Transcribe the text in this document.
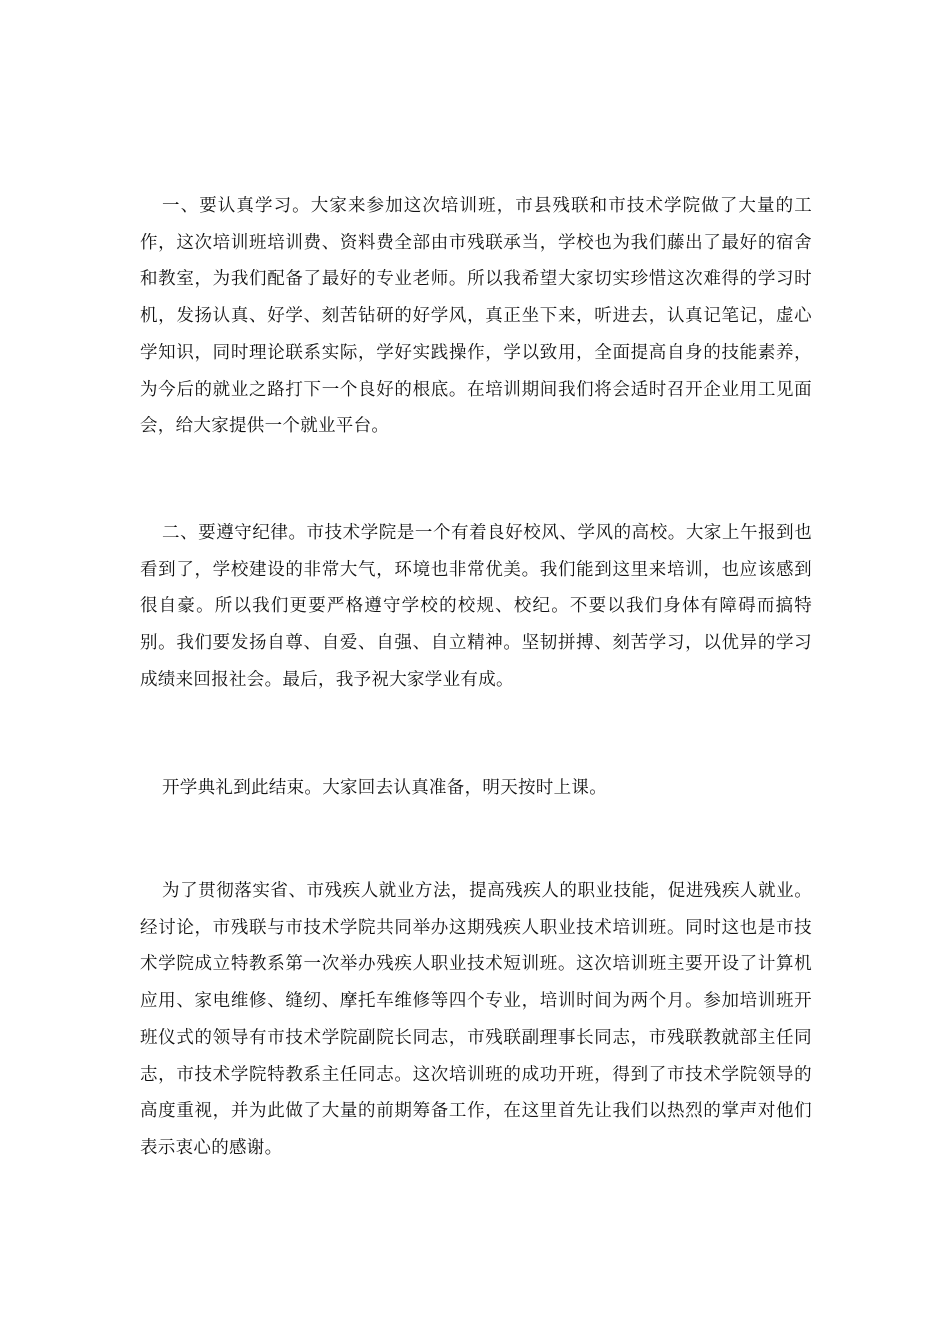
一、要认真学习。大家来参加这次培训班，市县残联和市技术学院做了大量的工作，这次培训班培训费、资料费全部由市残联承当，学校也为我们藤出了最好的宿舍和教室，为我们配备了最好的专业老师。所以我希望大家切实珍惜这次难得的学习时机，发扬认真、好学、刻苦钻研的好学风，真正坐下来，听进去，认真记笔记，虚心学知识，同时理论联系实际，学好实践操作，学以致用，全面提高自身的技能素养，为今后的就业之路打下一个良好的根底。在培训期间我们将会适时召开企业用工见面会，给大家提供一个就业平台。

二、要遵守纪律。市技术学院是一个有着良好校风、学风的高校。大家上午报到也看到了，学校建设的非常大气，环境也非常优美。我们能到这里来培训，也应该感到很自豪。所以我们更要严格遵守学校的校规、校纪。不要以我们身体有障碍而搞特别。我们要发扬自尊、自爱、自强、自立精神。坚韧拼搏、刻苦学习，以优异的学习成绩来回报社会。最后，我予祝大家学业有成。

开学典礼到此结束。大家回去认真准备，明天按时上课。

为了贯彻落实省、市残疾人就业方法，提高残疾人的职业技能，促进残疾人就业。经讨论，市残联与市技术学院共同举办这期残疾人职业技术培训班。同时这也是市技术学院成立特教系第一次举办残疾人职业技术短训班。这次培训班主要开设了计算机应用、家电维修、缝纫、摩托车维修等四个专业，培训时间为两个月。参加培训班开班仪式的领导有市技术学院副院长同志，市残联副理事长同志，市残联教就部主任同志，市技术学院特教系主任同志。这次培训班的成功开班，得到了市技术学院领导的高度重视，并为此做了大量的前期筹备工作，在这里首先让我们以热烈的掌声对他们表示衷心的感谢。
